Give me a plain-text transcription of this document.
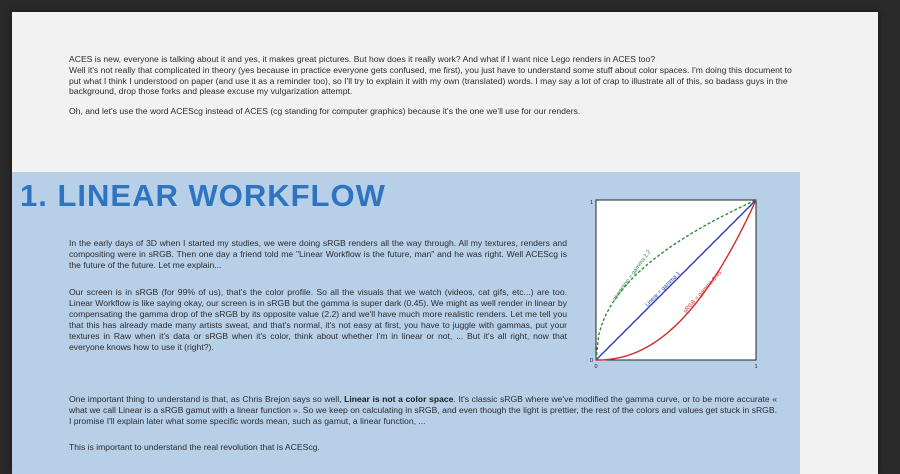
ACES is new, everyone is talking about it and yes, it makes great pictures. But how does it really work? And what if I want nice Lego renders in ACES too?

Well it's not really that complicated in theory (yes because in practice everyone gets confused, me first), you just have to understand some stuff about color spaces. I'm doing this document to put what I think I understood on paper (and use it as a reminder too), so I'll try to explain it with my own (translated) words. I may say a lot of crap to illustrate all of this, so badass guys in the background, drop those forks and please excuse my vulgarization attempt.

Oh, and let's use the word ACEScg instead of ACES (cg standing for computer graphics) because it's the one we'll use for our renders.

1. LINEAR WORKFLOW

In the early days of 3D when I started my studies, we were doing sRGB renders all the way through. All my textures, renders and compositing were in sRGB. Then one day a friend told me "Linear Workflow is the future, man" and he was right. Well ACEScg is the future of the future. Let me explain...

Our screen is in sRGB (for 99% of us), that's the color profile. So all the visuals that we watch (videos, cat gifs, etc...) are too. Linear Workflow is like saying okay, our screen is in sRGB but the gamma is super dark (0.45). We might as well render in linear by compensating the gamma drop of the sRGB by its opposite value (2.2) and we'll have much more realistic renders. Let me tell you that this has already made many artists sweat, and that's normal, it's not easy at first, you have to juggle with gammas, put your textures in Raw when it's data or sRGB when it's color, think about whether I'm in linear or not, ... But it's all right, now that everyone knows how to use it (right?).

One important thing to understand is that, as Chris Brejon says so well, Linear is not a color space. It's classic sRGB where we've modified the gamma curve, or to be more accurate « what we call Linear is a sRGB gamut with a linear function ». So we keep on calculating in sRGB, and even though the light is prettier, the rest of the colors and values get stuck in sRGB. I promise I'll explain later what some specific words mean, such as gamut, a linear function, ...

This is important to understand the real revolution that is ACEScg.

1
0
0	1
correction = gamma 2.2
Linear = gamma 1 sRGB = gamma 0.45
